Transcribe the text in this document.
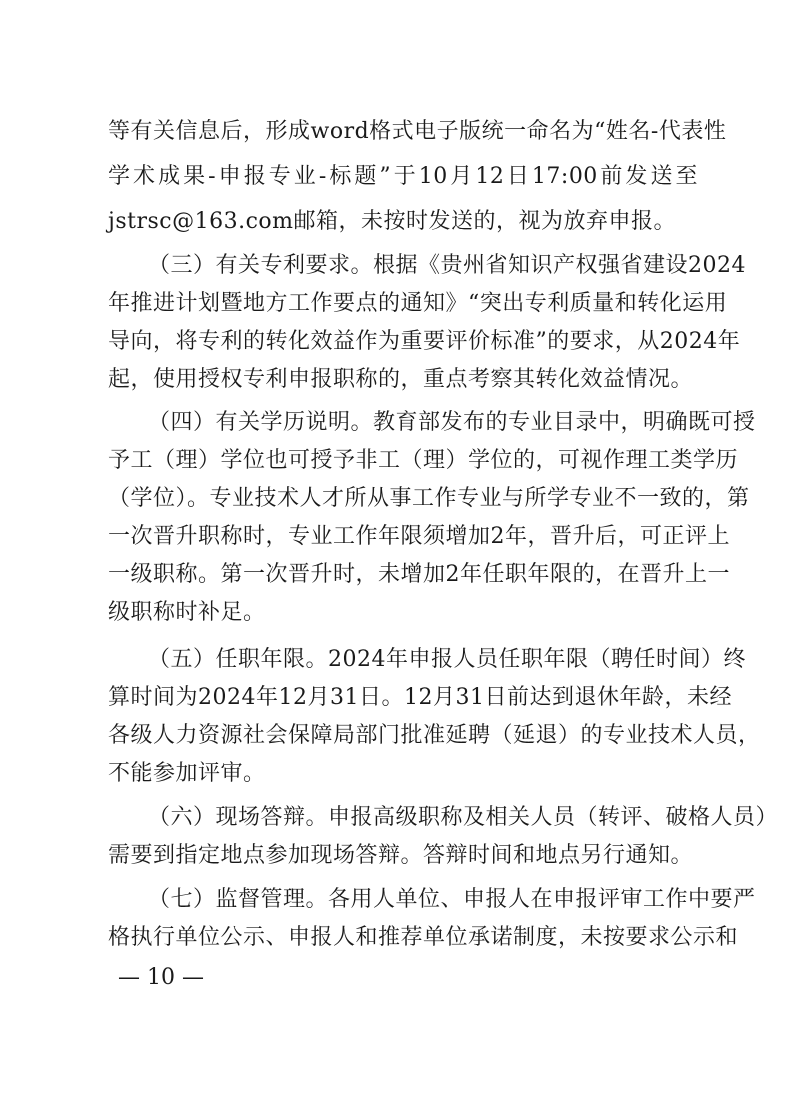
等有关信息后，形成word格式电子版统一命名为“姓名-代表性
学术成果-申报专业-标题”于10月12日17:00前发送至
jstrsc@163.com邮箱，未按时发送的，视为放弃申报。
（三）有关专利要求。根据《贵州省知识产权强省建设2024
年推进计划暨地方工作要点的通知》“突出专利质量和转化运用
导向，将专利的转化效益作为重要评价标准”的要求，从2024年
起，使用授权专利申报职称的，重点考察其转化效益情况。
（四）有关学历说明。教育部发布的专业目录中，明确既可授
予工（理）学位也可授予非工（理）学位的，可视作理工类学历
（学位）。专业技术人才所从事工作专业与所学专业不一致的，第
一次晋升职称时，专业工作年限须增加2年，晋升后，可正评上
一级职称。第一次晋升时，未增加2年任职年限的，在晋升上一
级职称时补足。
（五）任职年限。2024年申报人员任职年限（聘任时间）终
算时间为2024年12月31日。12月31日前达到退休年龄，未经
各级人力资源社会保障局部门批准延聘（延退）的专业技术人员，
不能参加评审。
（六）现场答辩。申报高级职称及相关人员（转评、破格人员）
需要到指定地点参加现场答辩。答辩时间和地点另行通知。
（七）监督管理。各用人单位、申报人在申报评审工作中要严
格执行单位公示、申报人和推荐单位承诺制度，未按要求公示和
— 10 —
